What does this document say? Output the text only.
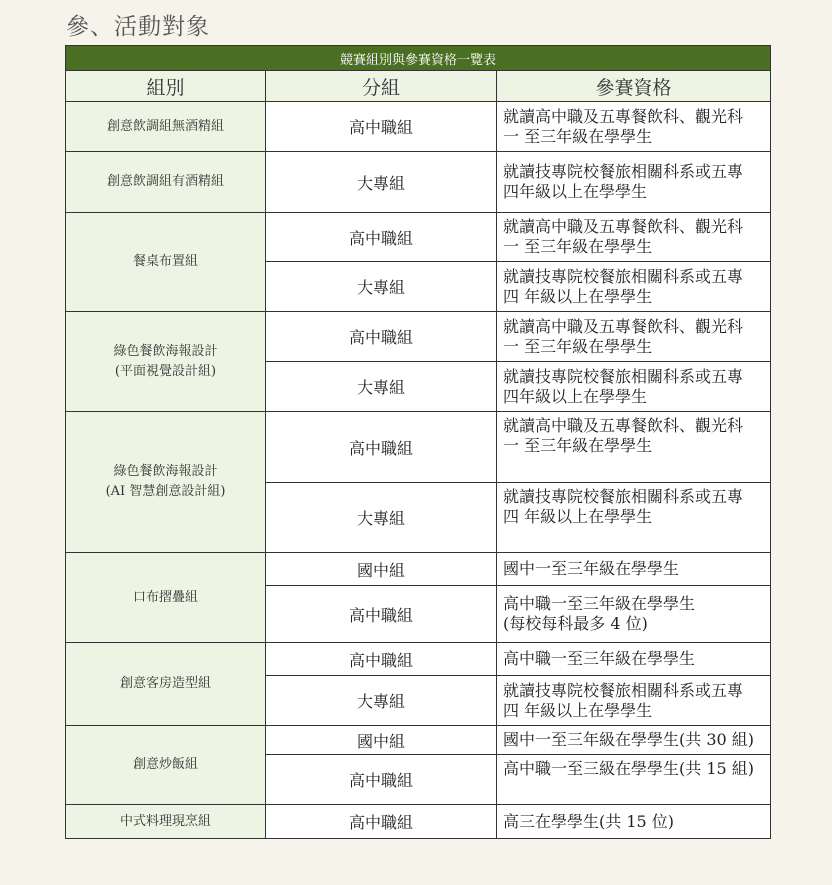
參、活動對象
競賽組別與參賽資格一覽表		
組別	分組	參賽資格

創意飲調組無酒精組	高中職組	就讀高中職及五專餐飲科、觀光科
一 至三年級在學學生

創意飲調組有酒精組	大專組	就讀技專院校餐旅相關科系或五專
四年級以上在學學生

餐桌布置組	高中職組	就讀高中職及五專餐飲科、觀光科
一 至三年級在學學生

	大專組	就讀技專院校餐旅相關科系或五專
四 年級以上在學學生

綠色餐飲海報設計
(平面視覺設計組)	高中職組	就讀高中職及五專餐飲科、觀光科
一 至三年級在學學生

	大專組	就讀技專院校餐旅相關科系或五專
四年級以上在學學生

綠色餐飲海報設計
(AI 智慧創意設計組)	高中職組	就讀高中職及五專餐飲科、觀光科
一 至三年級在學學生

	大專組	就讀技專院校餐旅相關科系或五專
四 年級以上在學學生

口布摺疊組	國中組	國中一至三年級在學學生

	高中職組	高中職一至三年級在學學生
(每校每科最多 4 位)

創意客房造型組	高中職組	高中職一至三年級在學學生

	大專組	就讀技專院校餐旅相關科系或五專
四 年級以上在學學生

創意炒飯組	國中組	國中一至三年級在學學生(共 30 組)

	高中職組	高中職一至三級在學學生(共 15 組)

中式料理現烹組	高中職組	高三在學學生(共 15 位)
